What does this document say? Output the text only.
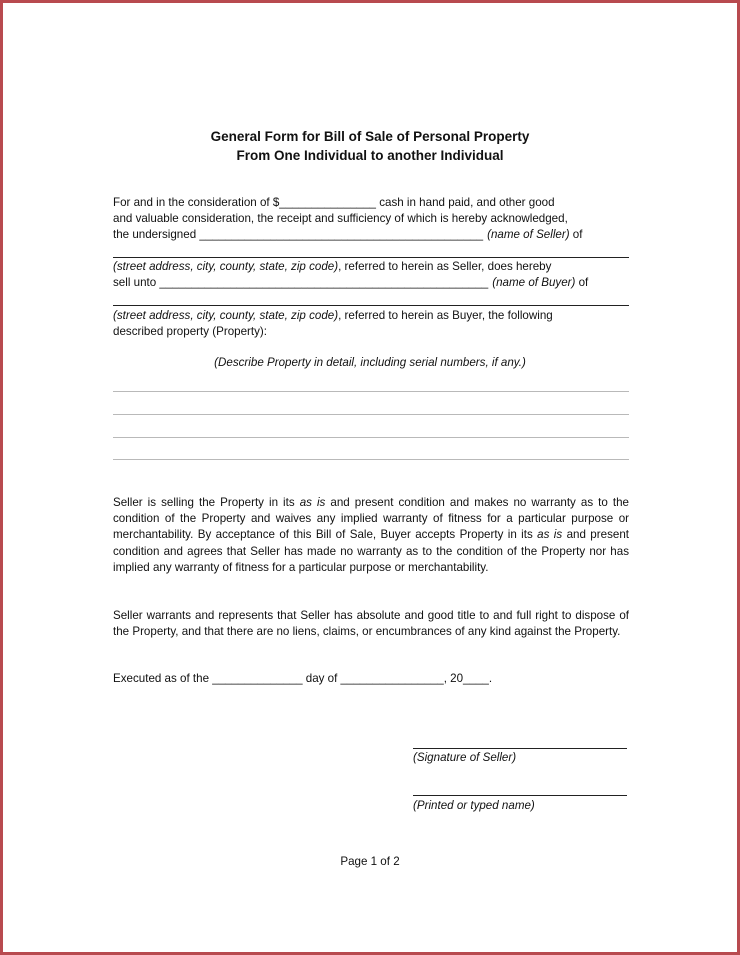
General Form for Bill of Sale of Personal Property
From One Individual to another Individual
For and in the consideration of $_______________ cash in hand paid, and other good
and valuable consideration, the receipt and sufficiency of which is hereby acknowledged,
the undersigned ____________________________________________ (name of Seller) of
(street address, city, county, state, zip code) , referred to herein as Seller, does hereby
sell unto ___________________________________________________ (name of Buyer) of
(street address, city, county, state, zip code) , referred to herein as Buyer, the following
described property (Property):
(Describe Property in detail, including serial numbers, if any.)
Seller is selling the Property in its as is and present condition and makes no warranty as to the condition of the Property and waives any implied warranty of fitness for a particular purpose or merchantability. By acceptance of this Bill of Sale, Buyer accepts Property in its as is and present condition and agrees that Seller has made no warranty as to the condition of the Property nor has implied any warranty of fitness for a particular purpose or merchantability.
Seller warrants and represents that Seller has absolute and good title to and full right to dispose of the Property, and that there are no liens, claims, or encumbrances of any kind against the Property.
Executed as of the ______________ day of ________________, 20____.
(Signature of Seller)
(Printed or typed name)
Page 1 of 2
